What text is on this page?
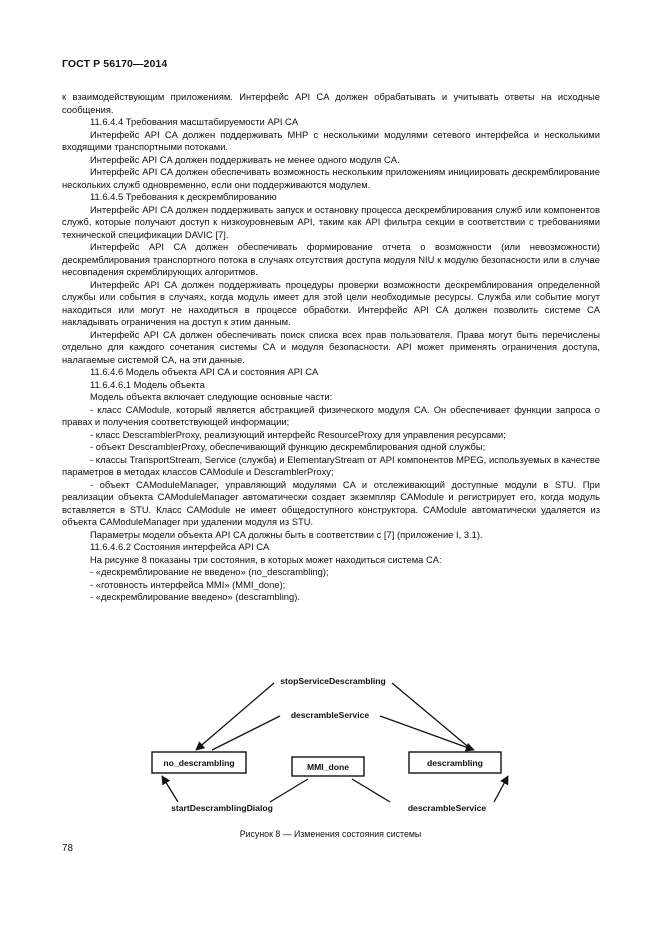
ГОСТ Р 56170—2014

к взаимодействующим приложениям. Интерфейс API CA должен обрабатывать и учитывать ответы на исходные сообщения.

11.6.4.4 Требования масштабируемости API CA

Интерфейс API CA должен поддерживать МНР с несколькими модулями сетевого интерфейса и несколькими входящими транспортными потоками.

Интерфейс API CA должен поддерживать не менее одного модуля CA.

Интерфейс API CA должен обеспечивать возможность нескольким приложениям инициировать дескремблирование нескольких служб одновременно, если они поддерживаются модулем.

11.6.4.5 Требования к дескремблированию

Интерфейс API CA должен поддерживать запуск и остановку процесса дескремблирования служб или компонентов служб, которые получают доступ к низкоуровневым API, таким как API фильтра секции в соответствии с требованиями технической спецификации DAVIC [7].

Интерфейс API CA должен обеспечивать формирование отчета о возможности (или невозможности) дескремблирования транспортного потока в случаях отсутствия доступа модуля NIU к модулю безопасности или в случае несовпадения скремблирующих алгоритмов.

Интерфейс API CA должен поддерживать процедуры проверки возможности дескремблирования определенной службы или события в случаях, когда модуль имеет для этой цели необходимые ресурсы. Служба или событие могут находиться или могут не находиться в процессе обработки. Интерфейс API CA должен позволить системе CA накладывать ограничения на доступ к этим данным.

Интерфейс API CA должен обеспечивать поиск списка всех прав пользователя. Права могут быть перечислены отдельно для каждого сочетания системы CA и модуля безопасности. API может применять ограничения доступа, налагаемые системой CA, на эти данные.

11.6.4.6 Модель объекта API CA и состояния API CA

11.6.4.6.1 Модель объекта

Модель объекта включает следующие основные части:

- класс CAModule, который является абстракцией физического модуля CA. Он обеспечивает функции запроса о правах и получения соответствующей информации;

- класс DescramblerProxy, реализующий интерфейс ResourceProxy для управления ресурсами;

- объект DescramblerProxy, обеспечивающий функцию дескремблирования одной службы;

- классы TransportStream, Service (служба) и ElementaryStream от API компонентов MPEG, используемых в качестве параметров в методах классов CAModule и DescramblerProxy;

- объект CAModuleManager, управляющий модулями CA и отслеживающий доступные модули в STU. При реализации объекта CAModuleManager автоматически создает экземпляр CAModule и регистрирует его, когда модуль вставляется в STU. Класс CAModule не имеет общедоступного конструктора. CAModule автоматически удаляется из объекта CAModuleManager при удалении модуля из STU.

Параметры модели объекта API CA должны быть в соответствии с [7] (приложение I, 3.1).

11.6.4.6.2 Состояния интерфейса API CA

На рисунке 8 показаны три состояния, в которых может находиться система CA:

- «дескремблирование не введено» (no_descrambling);

- «готовность интерфейса MMI» (MMI_done);

- «дескремблирование введено» (descrambling).

no_descrambling	MMI_done	descrambling
stopServiceDescrambling
descrambleService
startDescramblingDialog	descrambleService
Рисунок 8 — Изменения состояния системы
78
